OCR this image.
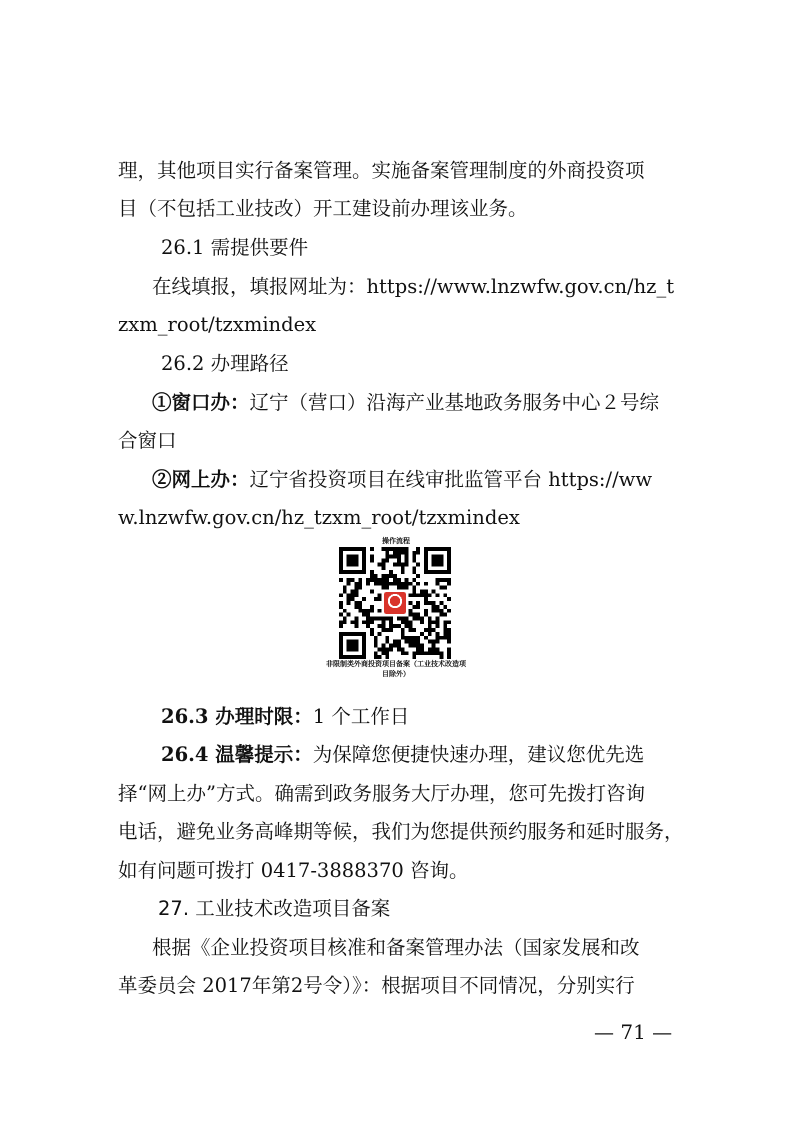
理，其他项目实行备案管理。实施备案管理制度的外商投资项
目（不包括工业技改）开工建设前办理该业务。
26.1 需提供要件
在线填报，填报网址为：https://www.lnzwfw.gov.cn/hz_t
zxm_root/tzxmindex
26.2 办理路径
①窗口办：辽宁（营口）沿海产业基地政务服务中心２号综
合窗口
②网上办：辽宁省投资项目在线审批监管平台 https://ww
w.lnzwfw.gov.cn/hz_tzxm_root/tzxmindex
操作流程
非限制类外商投资项目备案（工业技术改造项
目除外）
26.3 办理时限：1 个工作日
26.4 温馨提示：为保障您便捷快速办理，建议您优先选
择“网上办”方式。确需到政务服务大厅办理，您可先拨打咨询
电话，避免业务高峰期等候，我们为您提供预约服务和延时服务，
如有问题可拨打 0417-3888370 咨询。
27. 工业技术改造项目备案
根据《企业投资项目核准和备案管理办法（国家发展和改
革委员会 2017年第2号令）》：根据项目不同情况，分别实行
— 71 —
